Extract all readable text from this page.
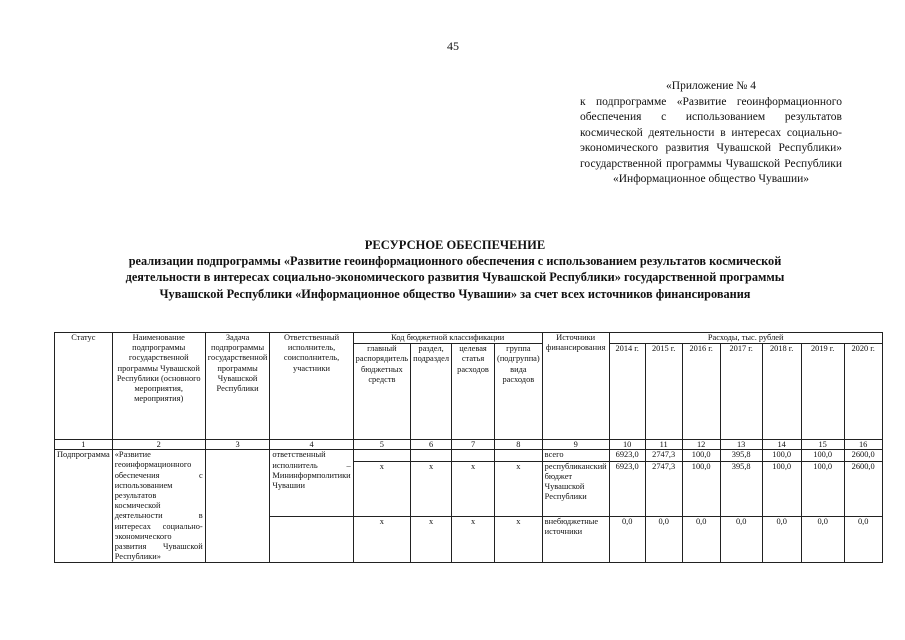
45
«Приложение № 4
к подпрограмме «Развитие геоинформационного обеспечения с использованием результатов космической деятельности в интересах социально-экономического развития Чувашской Республики» государственной программы Чувашской Республики «Информационное общество Чувашии»
РЕСУРСНОЕ ОБЕСПЕЧЕНИЕ
реализации подпрограммы «Развитие геоинформационного обеспечения с использованием результатов космической
деятельности в интересах социально-экономического развития Чувашской Республики» государственной программы
Чувашской Республики «Информационное общество Чувашии» за счет всех источников финансирования
Статус	Наименование подпрограммы государственной программы Чувашской Республики (основного мероприятия, мероприятия)	Задача подпрограммы государственной программы Чувашской Республики	Ответственный исполнитель, соисполнитель, участники	Код бюджетной классификации				Источники финансирования	Расходы, тыс. рублей						
				главный распорядитель бюджетных средств	раздел, подраздел	целевая статья расходов	группа (подгруппа) вида расходов		2014 г.	2015 г.	2016 г.	2017 г.	2018 г.	2019 г.	2020 г.
1	2	3	4	5	6	7	8	9	10	11	12	13	14	15	16
Подпрограмма	«Развитие геоинформационного обеспечения с использованием результатов космической деятельности в интересах социально-экономического развития Чувашской Республики»		ответственный					всего	6923,0	2747,3	100,0	395,8	100,0	100,0	2600,0
			исполнитель – Мининформполитики Чувашии	x	x	x	x	республиканский бюджет Чувашской Республики	6923,0	2747,3	100,0	395,8	100,0	100,0	2600,0
				x	x	x	x	внебюджетные источники	0,0	0,0	0,0	0,0	0,0	0,0	0,0
